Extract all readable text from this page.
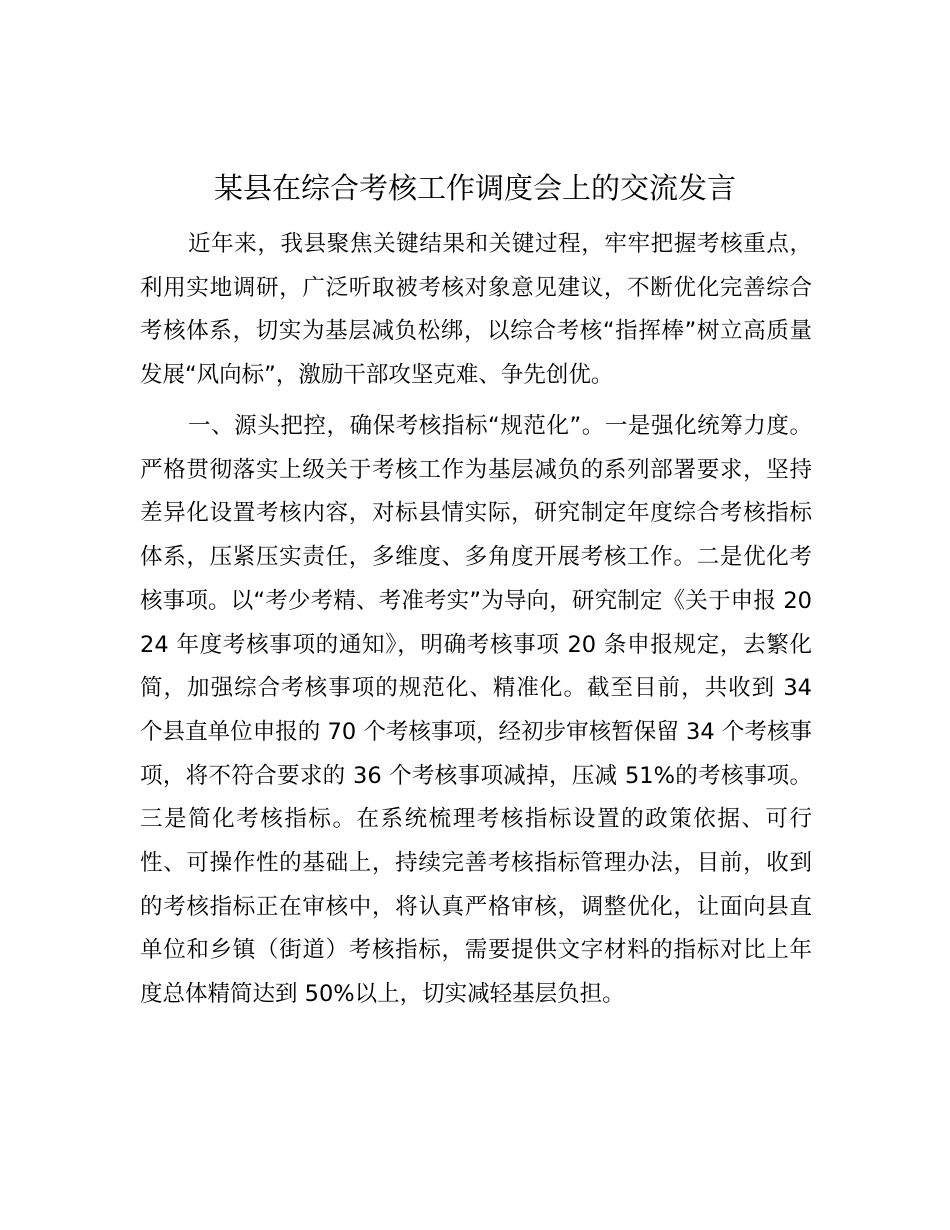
某县在综合考核工作调度会上的交流发言

近年来，我县聚焦关键结果和关键过程，牢牢把握考核重点，利用实地调研，广泛听取被考核对象意见建议，不断优化完善综合考核体系，切实为基层减负松绑，以综合考核“指挥棒”树立高质量发展“风向标”，激励干部攻坚克难、争先创优。

一、源头把控，确保考核指标“规范化”。一是强化统筹力度。严格贯彻落实上级关于考核工作为基层减负的系列部署要求，坚持差异化设置考核内容，对标县情实际，研究制定年度综合考核指标体系，压紧压实责任，多维度、多角度开展考核工作。二是优化考核事项。以“考少考精、考准考实”为导向，研究制定《关于申报 2024 年度考核事项的通知》，明确考核事项 20 条申报规定，去繁化简，加强综合考核事项的规范化、精准化。截至目前，共收到 34 个县直单位申报的 70 个考核事项，经初步审核暂保留 34 个考核事项，将不符合要求的 36 个考核事项减掉，压减 51%的考核事项。三是简化考核指标。在系统梳理考核指标设置的政策依据、可行性、可操作性的基础上，持续完善考核指标管理办法，目前，收到的考核指标正在审核中，将认真严格审核，调整优化，让面向县直单位和乡镇（街道）考核指标，需要提供文字材料的指标对比上年度总体精简达到 50%以上，切实减轻基层负担。
